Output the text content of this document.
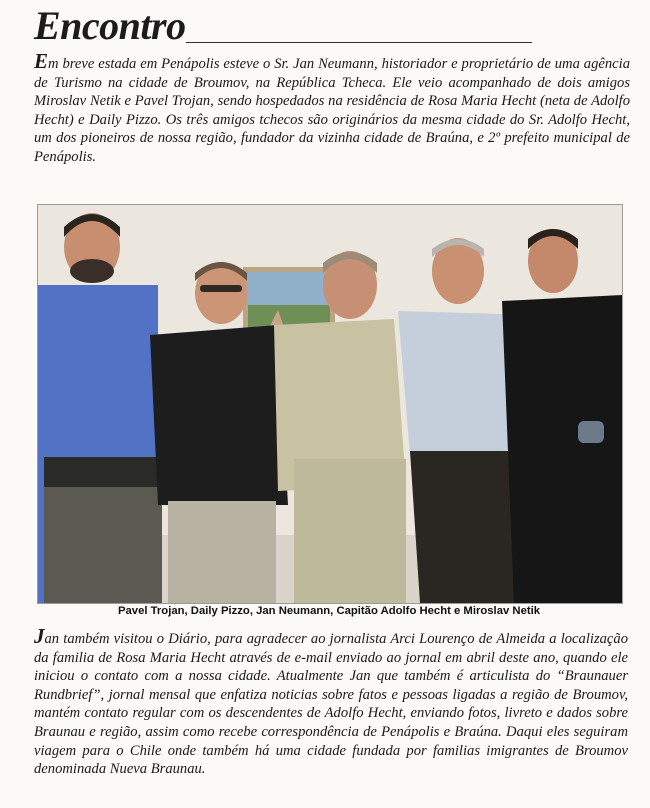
Encontro

Em breve estada em Penápolis esteve o Sr. Jan Neumann, historiador e proprietário de uma agência de Turismo na cidade de Broumov, na República Tcheca. Ele veio acompanhado de dois amigos Miroslav Netik e Pavel Trojan, sendo hospedados na residência de Rosa Maria Hecht (neta de Adolfo Hecht) e Daily Pizzo. Os três amigos tchecos são originários da mesma cidade do Sr. Adolfo Hecht, um dos pioneiros de nossa região, fundador da vizinha cidade de Braúna, e 2º prefeito municipal de Penápolis.

Pavel Trojan, Daily Pizzo, Jan Neumann, Capitão Adolfo Hecht e Miroslav Netik

Jan também visitou o Diário, para agradecer ao jornalista Arci Lourenço de Almeida a localização da familia de Rosa Maria Hecht através de e-mail enviado ao jornal em abril deste ano, quando ele iniciou o contato com a nossa cidade. Atualmente Jan que também é articulista do “Braunauer Rundbrief”, jornal mensal que enfatiza noticias sobre fatos e pessoas ligadas a região de Broumov, mantém contato regular com os descendentes de Adolfo Hecht, enviando fotos, livreto e dados sobre Braunau e região, assim como recebe correspondência de Penápolis e Braúna. Daqui eles seguiram viagem para o Chile onde também há uma cidade fundada por familias imigrantes de Broumov denominada Nueva Braunau.
